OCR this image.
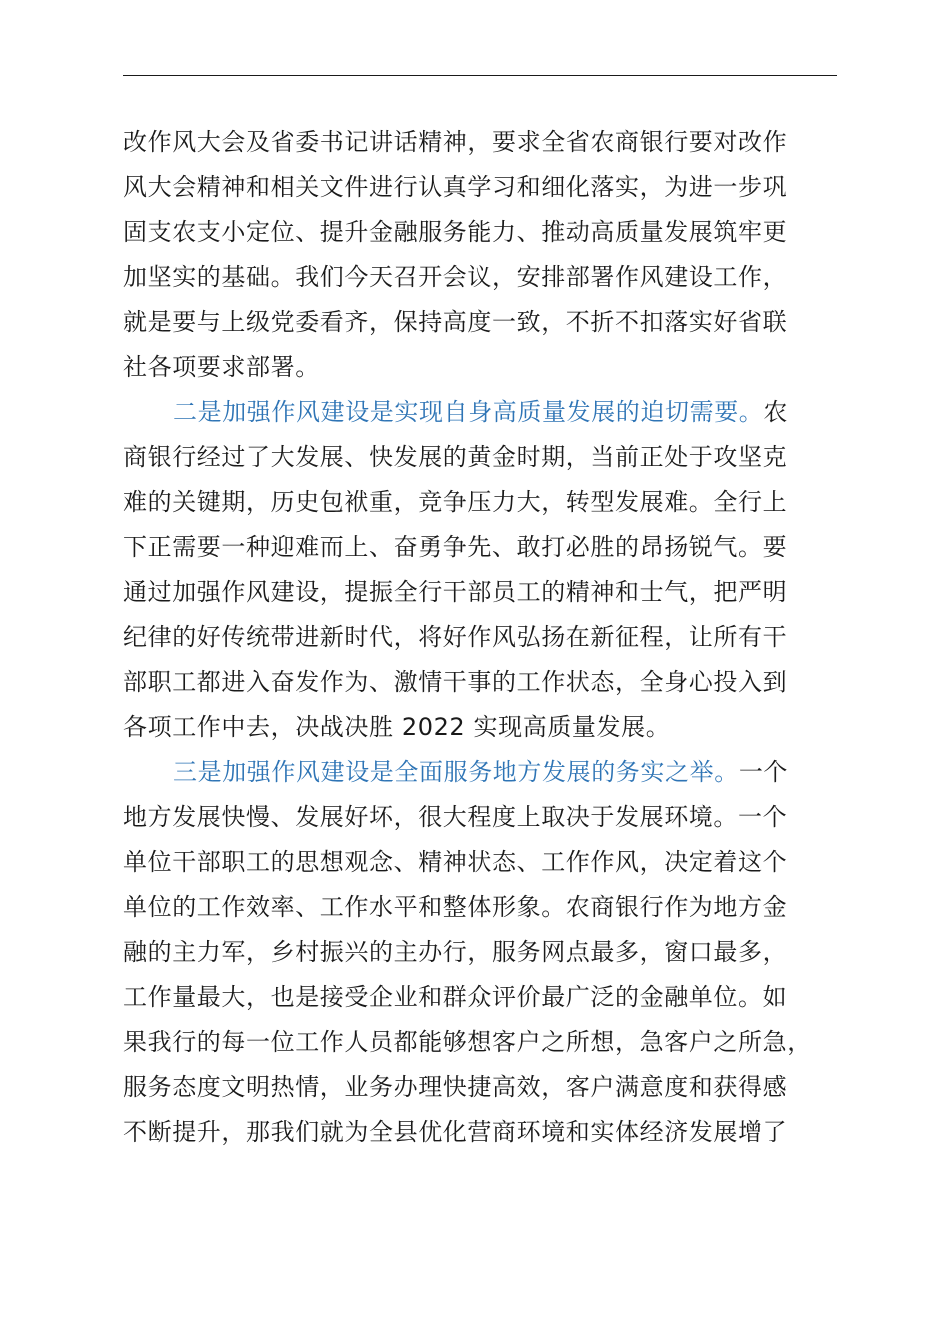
改作风大会及省委书记讲话精神，要求全省农商银行要对改作
风大会精神和相关文件进行认真学习和细化落实，为进一步巩
固支农支小定位、提升金融服务能力、推动高质量发展筑牢更
加坚实的基础。我们今天召开会议，安排部署作风建设工作，
就是要与上级党委看齐，保持高度一致，不折不扣落实好省联
社各项要求部署。
二是加强作风建设是实现自身高质量发展的迫切需要。农
商银行经过了大发展、快发展的黄金时期，当前正处于攻坚克
难的关键期，历史包袱重，竞争压力大，转型发展难。全行上
下正需要一种迎难而上、奋勇争先、敢打必胜的昂扬锐气。要
通过加强作风建设，提振全行干部员工的精神和士气，把严明
纪律的好传统带进新时代，将好作风弘扬在新征程，让所有干
部职工都进入奋发作为、激情干事的工作状态，全身心投入到
各项工作中去，决战决胜 2022 实现高质量发展。
三是加强作风建设是全面服务地方发展的务实之举。一个
地方发展快慢、发展好坏，很大程度上取决于发展环境。一个
单位干部职工的思想观念、精神状态、工作作风，决定着这个
单位的工作效率、工作水平和整体形象。农商银行作为地方金
融的主力军，乡村振兴的主办行，服务网点最多，窗口最多，
工作量最大，也是接受企业和群众评价最广泛的金融单位。如
果我行的每一位工作人员都能够想客户之所想，急客户之所急，
服务态度文明热情，业务办理快捷高效，客户满意度和获得感
不断提升，那我们就为全县优化营商环境和实体经济发展增了
